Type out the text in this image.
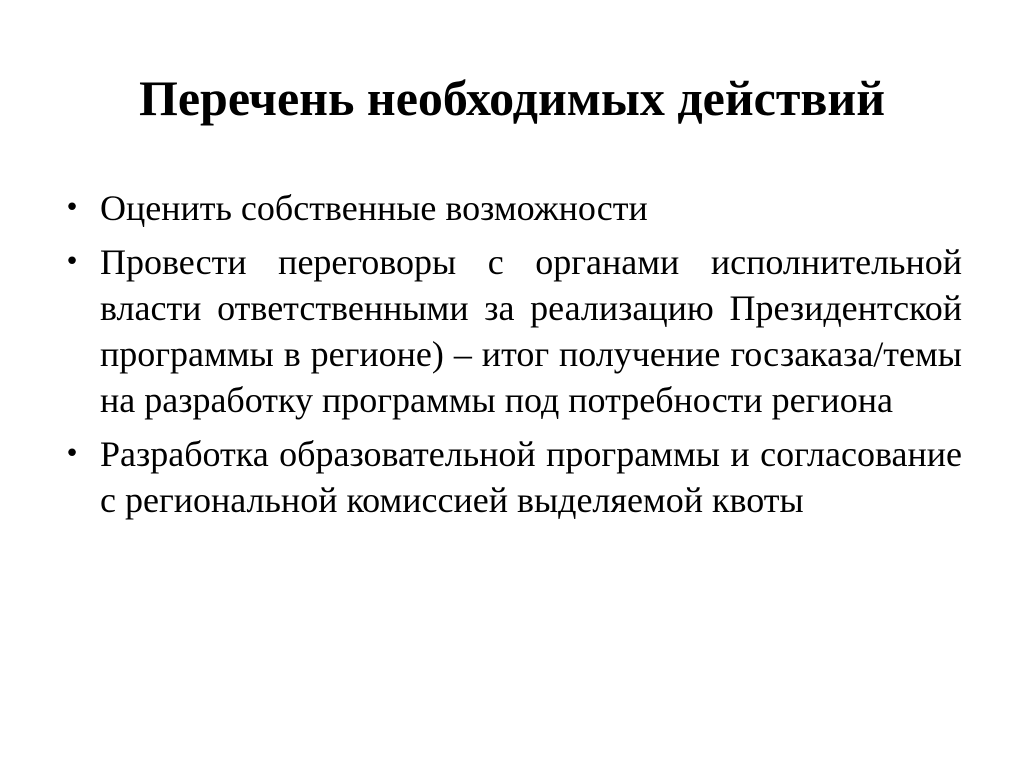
Перечень необходимых действий
• Оценить собственные возможности
• Провести переговоры с органами исполнительной власти ответственными за реализацию Президентской программы в регионе) – итог получение госзаказа/темы на разработку программы под потребности региона
• Разработка образовательной программы и согласование с региональной комиссией выделяемой квоты
